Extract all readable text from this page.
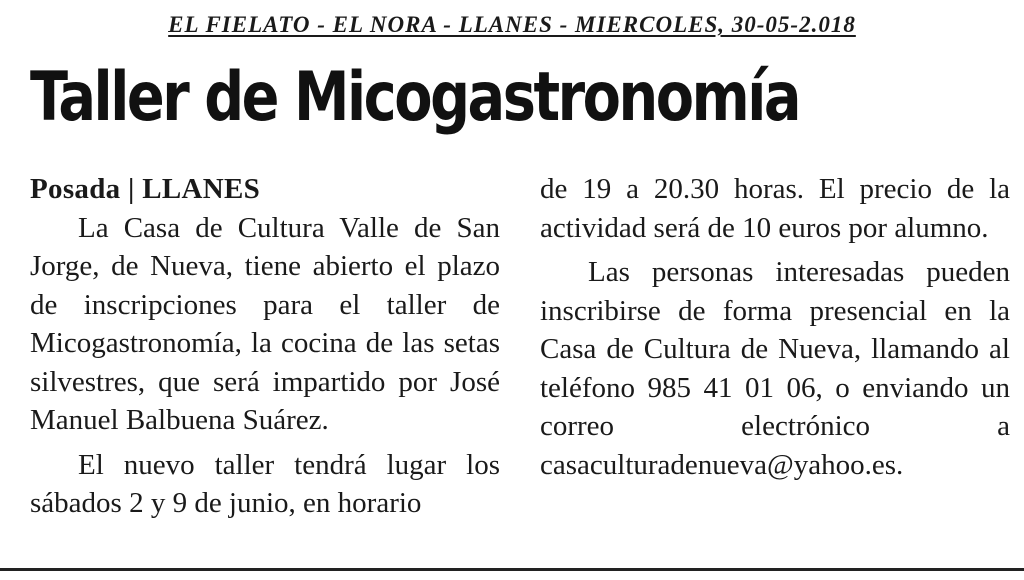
EL FIELATO - EL NORA - LLANES - MIERCOLES, 30-05-2.018
Taller de Micogastronomía
Posada | LLANES

La Casa de Cultura Valle de San Jorge, de Nueva, tiene abierto el plazo de inscripciones para el taller de Micogastronomía, la cocina de las setas silvestres, que será impartido por José Manuel Balbuena Suárez.

El nuevo taller tendrá lugar los sábados 2 y 9 de junio, en horario

de 19 a 20.30 horas. El precio de la actividad será de 10 euros por alumno.

Las personas interesadas pueden inscribirse de forma presencial en la Casa de Cultura de Nueva, llamando al teléfono 985 41 01 06, o enviando un correo electrónico a casaculturadenueva@yahoo.es.
